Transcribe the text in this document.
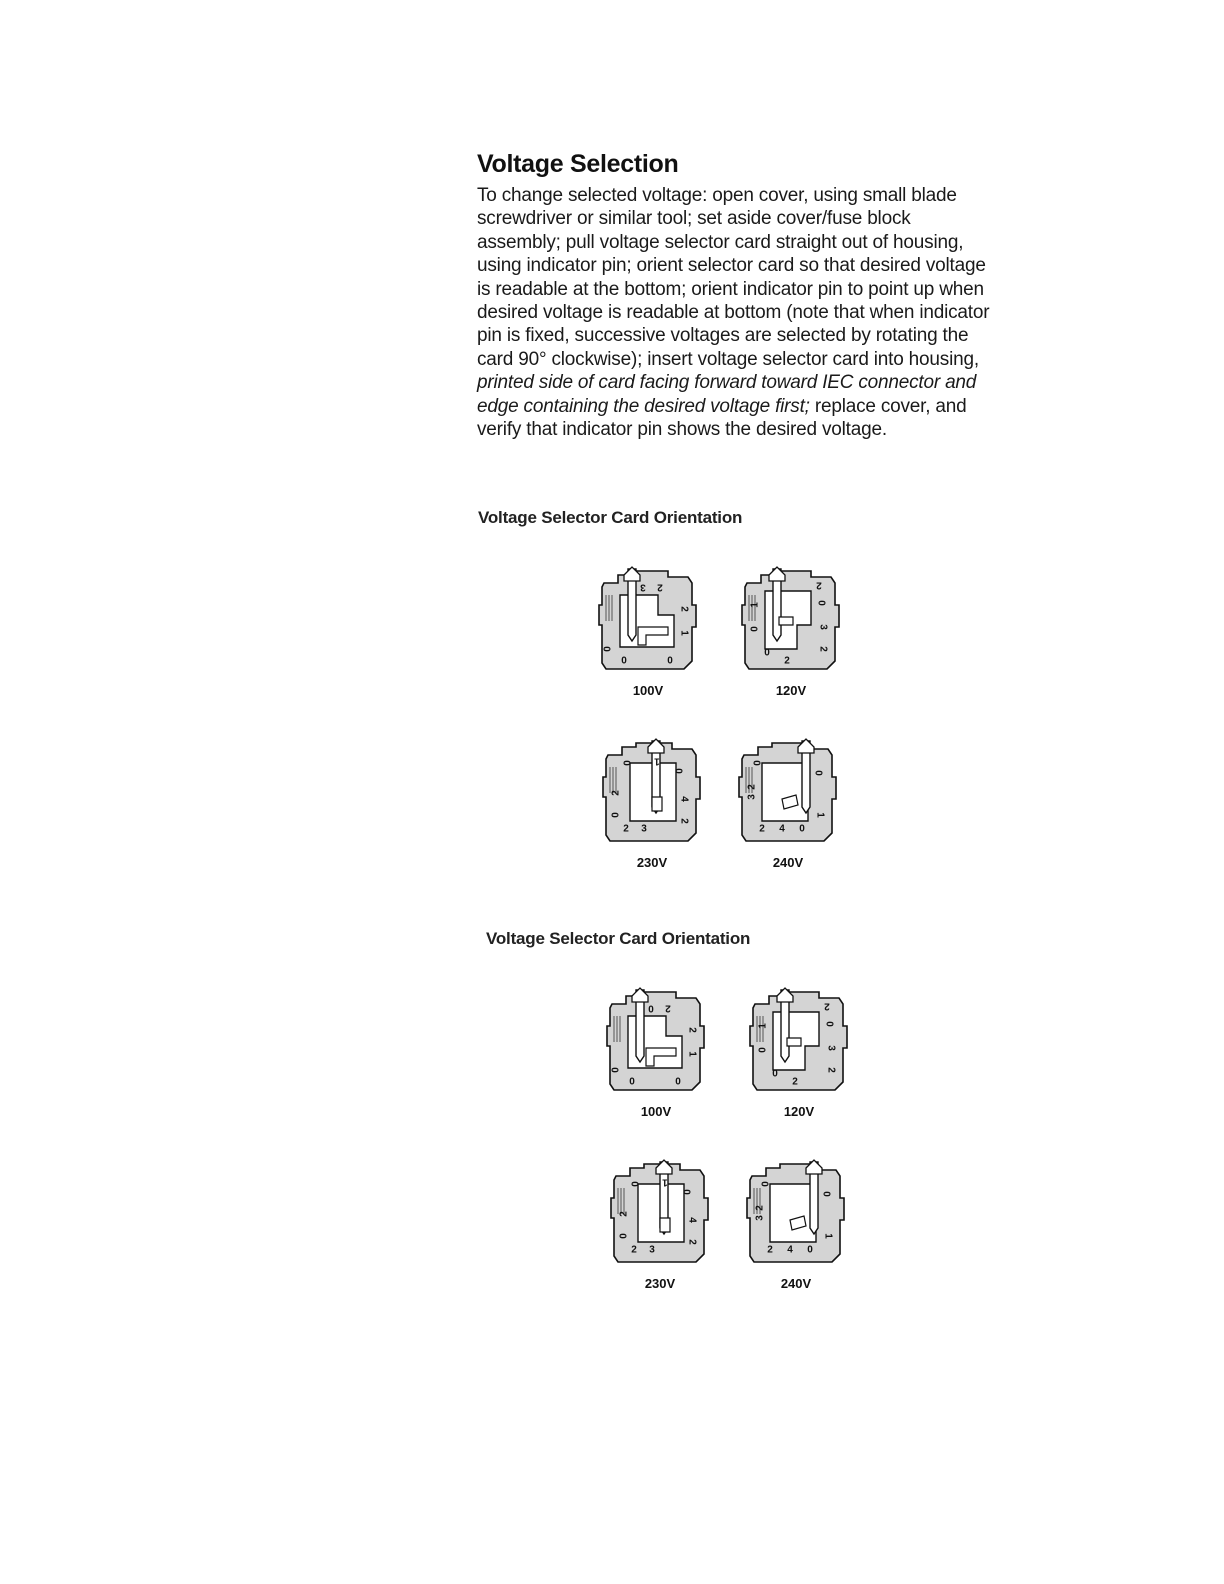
Voltage Selection
To change selected voltage: open cover, using small blade screwdriver or similar tool; set aside cover/fuse block assembly; pull voltage selector card straight out of housing, using indicator pin; orient selector card so that desired voltage is readable at the bottom; orient indicator pin to point up when desired voltage is readable at bottom (note that when indicator pin is fixed, successive voltages are selected by rotating the card 90° clockwise); insert voltage selector card into housing, printed side of card facing forward toward IEC connector and edge containing the desired voltage first; replace cover, and verify that indicator pin shows the desired voltage.
Voltage Selector Card Orientation
Voltage Selector Card Orientation
2
3
2
1
0	0
0
100V
2
1
0
0
2
3
2
0
120V
0 1
0
2
2 3
0
2
4
230V
0
2
3
0
2 4 0
1
240V
2
0
2
1
0	0
0
100V
2
1
0
0
2
3
2
0
120V
0 1
0
2
2 3
0
2
4
230V
0
2
3
0
2 4 0
1
240V
